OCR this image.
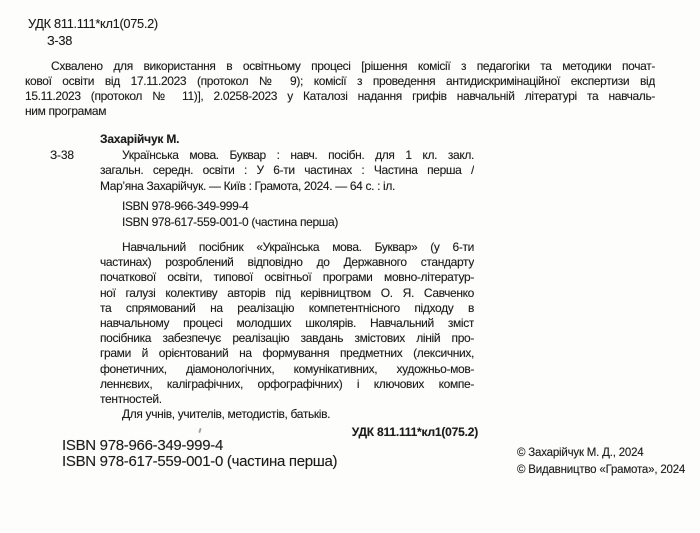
УДК 811.111*кл1(075.2)
З-38
Схвалено для використання в освітньому процесі [рішення комісії з педагогіки та методики почат-
кової освіти від 17.11.2023 (протокол № 9); комісії з проведення антидискримінаційної експертизи від
15.11.2023 (протокол № 11)], 2.0258-2023 у Каталозі надання грифів навчальній літературі та навчаль-
ним програмам
З-38
Захарійчук М.
Українська мова. Буквар : навч. посібн. для 1 кл. закл.
загальн. середн. освіти : У 6-ти частинах : Частина перша /
Мар’яна Захарійчук. — Київ : Грамота, 2024. — 64 с. : іл.
ISBN 978-966-349-999-4
ISBN 978-617-559-001-0 (частина перша)
Навчальний посібник «Українська мова. Буквар» (у 6-ти
частинах) розроблений відповідно до Державного стандарту
початкової освіти, типової освітньої програми мовно-літератур-
ної галузі колективу авторів під керівництвом О. Я. Савченко
та спрямований на реалізацію компетентнісного підходу в
навчальному процесі молодших школярів. Навчальний зміст
посібника забезпечує реалізацію завдань змістових ліній про-
грами й орієнтований на формування предметних (лексичних,
фонетичних, діамонологічних, комунікативних, художньо-мов-
леннєвих, каліграфічних, орфографічних) і ключових компе-
тентностей.
Для учнів, учителів, методистів, батьків.
УДК 811.111*кл1(075.2)
ISBN 978-966-349-999-4
ISBN 978-617-559-001-0 (частина перша)	© Захарійчук М. Д., 2024
© Видавництво «Грамота», 2024
